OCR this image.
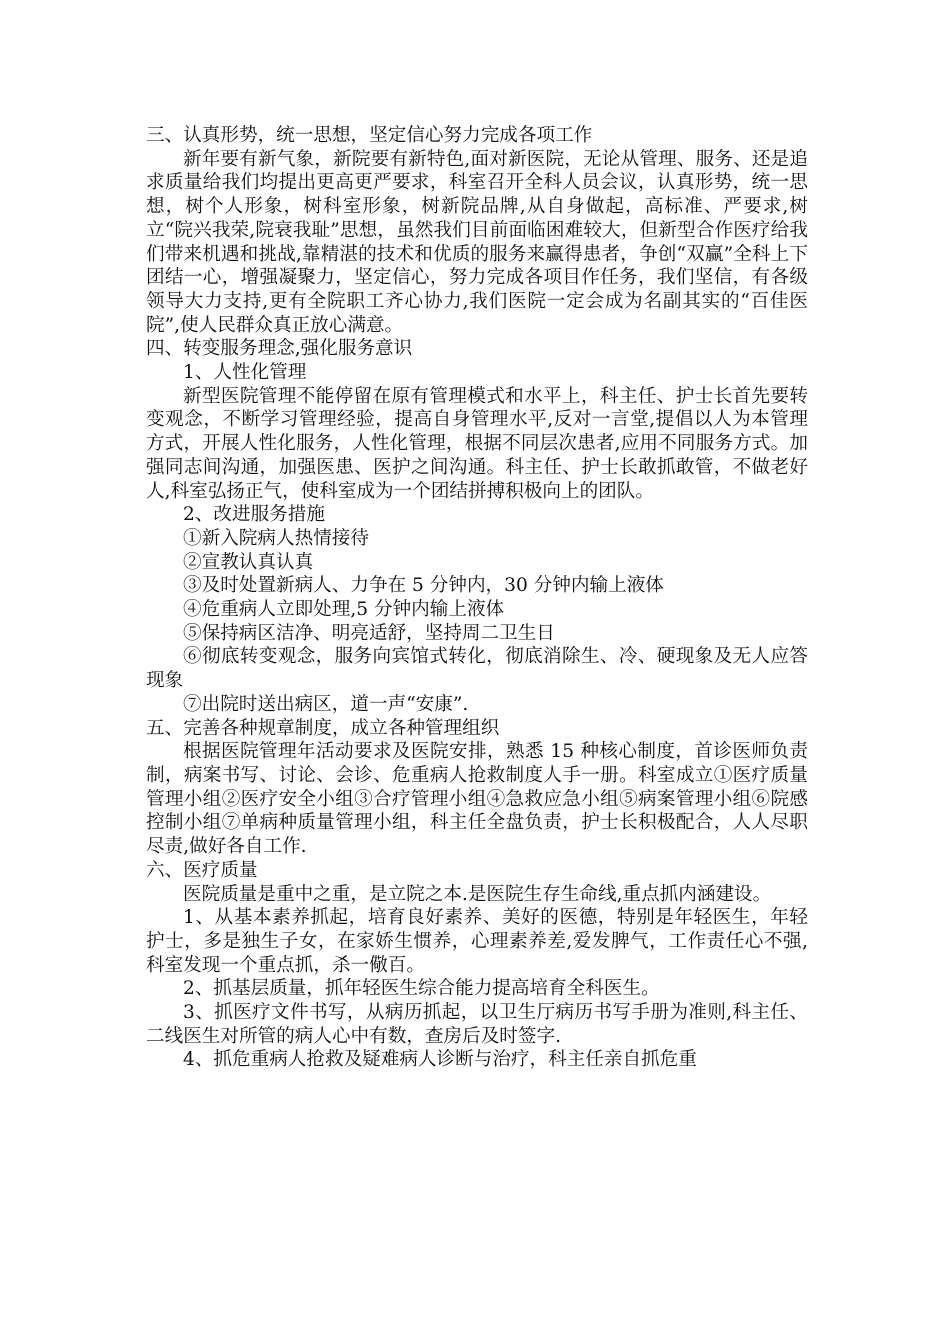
三、认真形势，统一思想，坚定信心努力完成各项工作

新年要有新气象，新院要有新特色,面对新医院，无论从管理、服务、还是追求质量给我们均提出更高更严要求，科室召开全科人员会议，认真形势，统一思想，树个人形象，树科室形象，树新院品牌,从自身做起，高标准、严要求,树立“院兴我荣,院衰我耻”思想，虽然我们目前面临困难较大，但新型合作医疗给我们带来机遇和挑战,靠精湛的技术和优质的服务来赢得患者，争创“双赢”全科上下团结一心，增强凝聚力，坚定信心，努力完成各项目作任务，我们坚信，有各级领导大力支持,更有全院职工齐心协力,我们医院一定会成为名副其实的“百佳医院”,使人民群众真正放心满意。

四、转变服务理念,强化服务意识

1、人性化管理

新型医院管理不能停留在原有管理模式和水平上，科主任、护士长首先要转变观念，不断学习管理经验，提高自身管理水平,反对一言堂,提倡以人为本管理方式，开展人性化服务，人性化管理，根据不同层次患者,应用不同服务方式。加强同志间沟通，加强医患、医护之间沟通。科主任、护士长敢抓敢管，不做老好人,科室弘扬正气，使科室成为一个团结拼搏积极向上的团队。

2、改进服务措施

①新入院病人热情接待

②宣教认真认真

③及时处置新病人、力争在 5 分钟内，30 分钟内输上液体

④危重病人立即处理,5 分钟内输上液体

⑤保持病区洁净、明亮适舒，坚持周二卫生日

⑥彻底转变观念，服务向宾馆式转化，彻底消除生、冷、硬现象及无人应答现象

⑦出院时送出病区，道一声“安康”.

五、完善各种规章制度，成立各种管理组织

根据医院管理年活动要求及医院安排，熟悉 15 种核心制度，首诊医师负责制，病案书写、讨论、会诊、危重病人抢救制度人手一册。科室成立①医疗质量管理小组②医疗安全小组③合疗管理小组④急救应急小组⑤病案管理小组⑥院感控制小组⑦单病种质量管理小组，科主任全盘负责，护士长积极配合，人人尽职尽责,做好各自工作.

六、医疗质量

医院质量是重中之重，是立院之本.是医院生存生命线,重点抓内涵建设。

1、从基本素养抓起，培育良好素养、美好的医德，特别是年轻医生，年轻护士，多是独生子女，在家娇生惯养，心理素养差,爱发脾气，工作责任心不强,科室发现一个重点抓，杀一儆百。

2、抓基层质量，抓年轻医生综合能力提高培育全科医生。

3、抓医疗文件书写，从病历抓起，以卫生厅病历书写手册为准则,科主任、二线医生对所管的病人心中有数，查房后及时签字.

4、抓危重病人抢救及疑难病人诊断与治疗，科主任亲自抓危重
